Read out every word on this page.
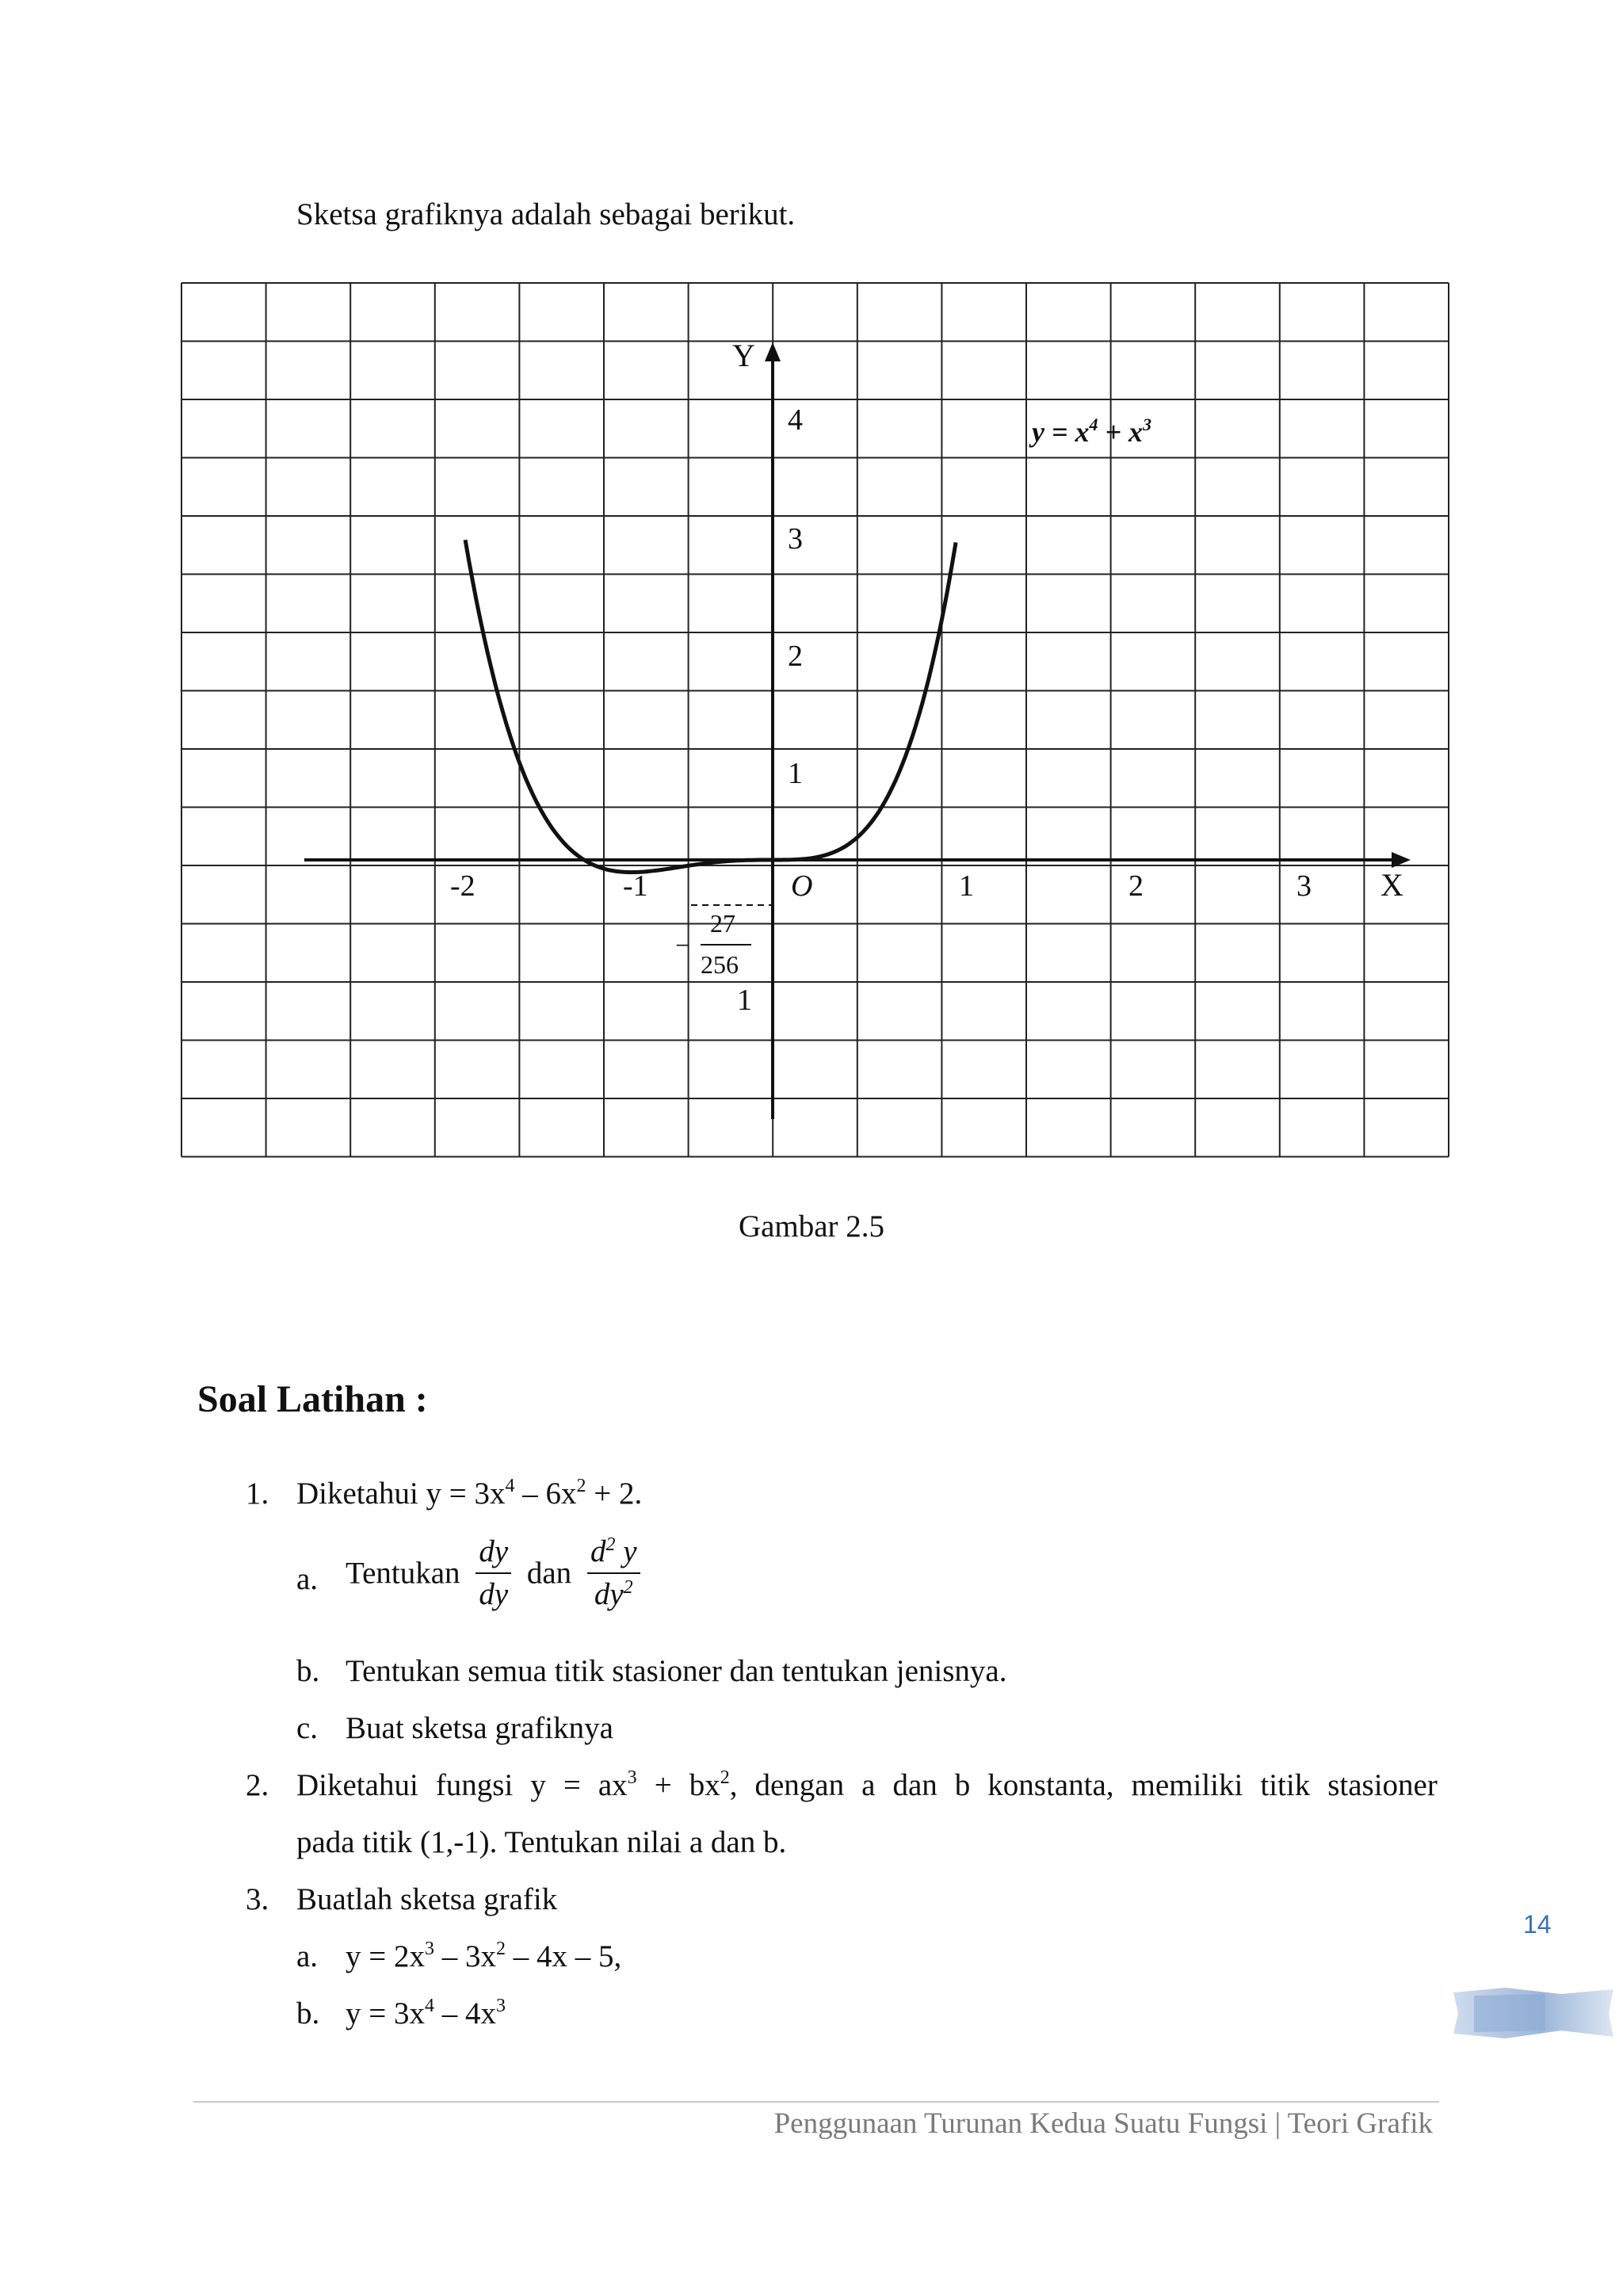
Sketsa grafiknya adalah sebagai berikut.
Y
4
3
2
1
-2	-1	O	1	2	3 X
−
27
256
1
$y = x^4 + x^3$
Gambar 2.5
Soal Latihan :
1. Diketahui $y = 3x^4 - 6x^2 + 2$.
a. Tentukan $\frac{dy}{dy}$ dan $\frac{d^2 y}{dy^2}$
b. Tentukan semua titik stasioner dan tentukan jenisnya.
c. Buat sketsa grafiknya
2. Diketahui fungsi $y = ax^3 + bx^2$, dengan a dan b konstanta, memiliki titik stasioner
pada titik (1,-1). Tentukan nilai a dan b.
3. Buatlah sketsa grafik
a. $y = 2x^3 - 3x^2 - 4x - 5$,
b. $y = 3x^4 - 4x^3$
14
Penggunaan Turunan Kedua Suatu Fungsi | Teori Grafik
